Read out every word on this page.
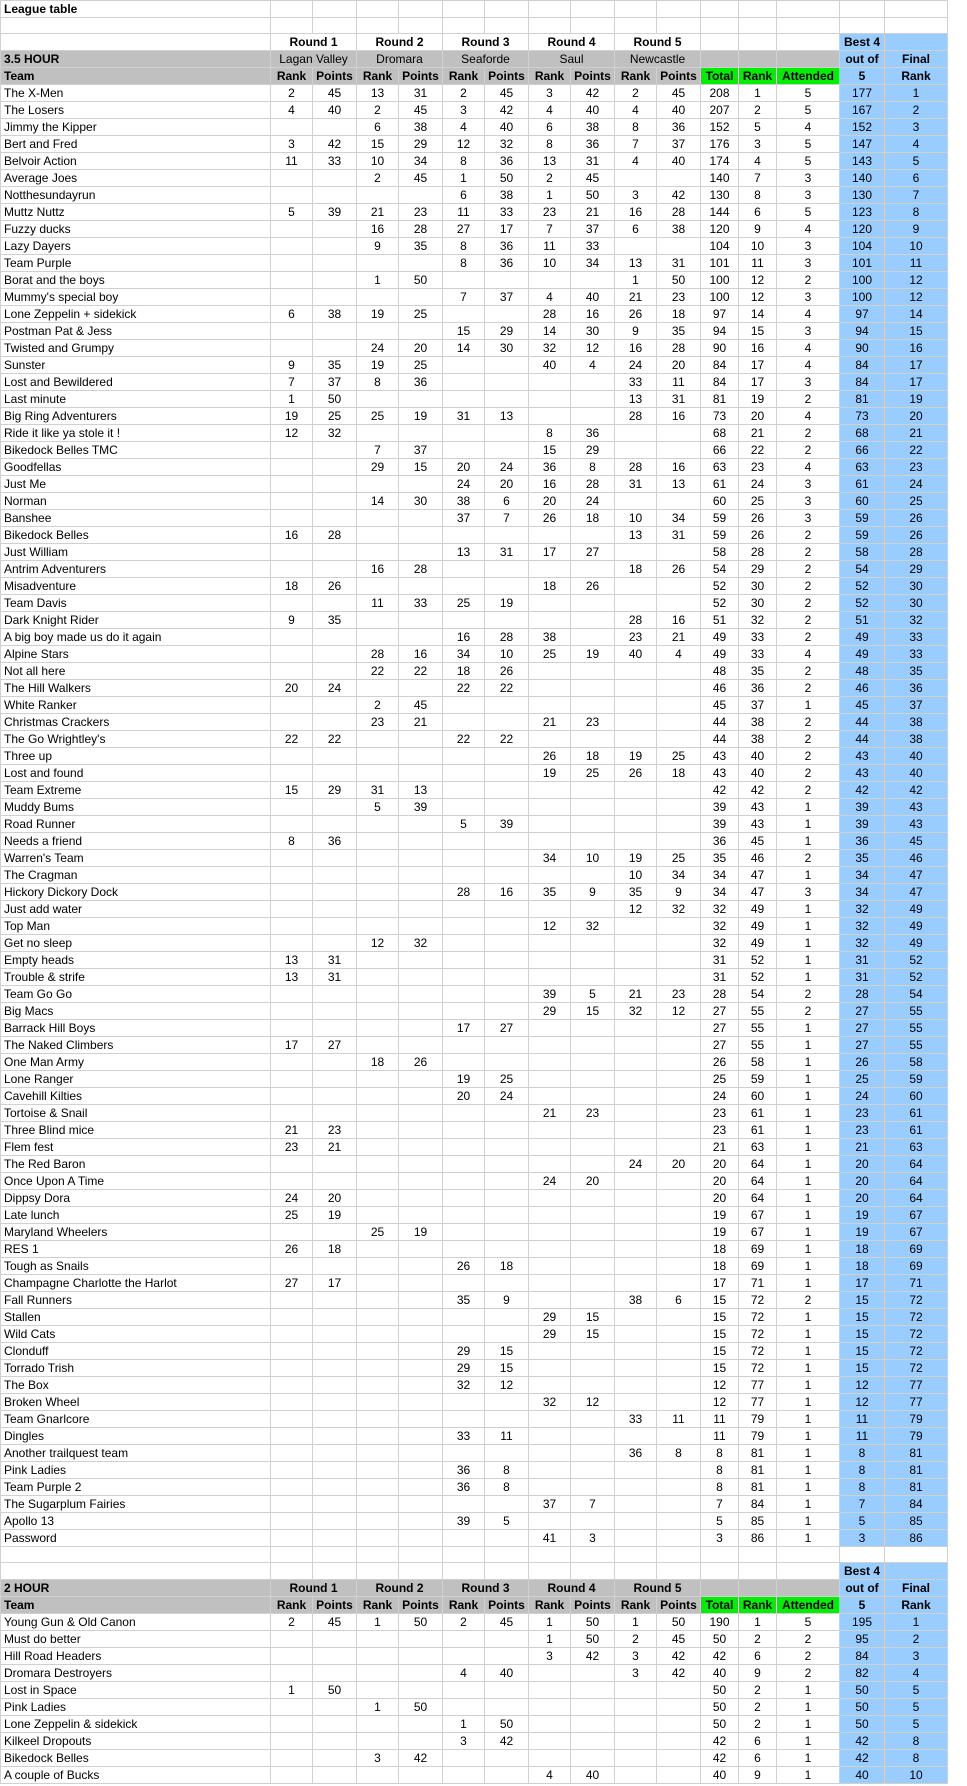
League table															

	Round 1		Round 2		Round 3		Round 4		Round 5					Best 4	
3.5 HOUR	Lagan Valley		Dromara		Seaforde		Saul		Newcastle					out of	Final
Team	Rank	Points	Rank	Points	Rank	Points	Rank	Points	Rank	Points	Total	Rank	Attended	5	Rank
The X-Men	2	45	13	31	2	45	3	42	2	45	208	1	5	177	1
The Losers	4	40	2	45	3	42	4	40	4	40	207	2	5	167	2
Jimmy the Kipper			6	38	4	40	6	38	8	36	152	5	4	152	3
Bert and Fred	3	42	15	29	12	32	8	36	7	37	176	3	5	147	4
Belvoir Action	11	33	10	34	8	36	13	31	4	40	174	4	5	143	5
Average Joes			2	45	1	50	2	45			140	7	3	140	6
Notthesundayrun					6	38	1	50	3	42	130	8	3	130	7
Muttz Nuttz	5	39	21	23	11	33	23	21	16	28	144	6	5	123	8
Fuzzy ducks			16	28	27	17	7	37	6	38	120	9	4	120	9
Lazy Dayers			9	35	8	36	11	33			104	10	3	104	10
Team Purple					8	36	10	34	13	31	101	11	3	101	11
Borat and the boys			1	50					1	50	100	12	2	100	12
Mummy's special boy					7	37	4	40	21	23	100	12	3	100	12
Lone Zeppelin + sidekick	6	38	19	25			28	16	26	18	97	14	4	97	14
Postman Pat & Jess					15	29	14	30	9	35	94	15	3	94	15
Twisted and Grumpy			24	20	14	30	32	12	16	28	90	16	4	90	16
Sunster	9	35	19	25			40	4	24	20	84	17	4	84	17
Lost and Bewildered	7	37	8	36					33	11	84	17	3	84	17
Last minute	1	50							13	31	81	19	2	81	19
Big Ring Adventurers	19	25	25	19	31	13			28	16	73	20	4	73	20
Ride it like ya stole it !	12	32					8	36			68	21	2	68	21
Bikedock Belles TMC			7	37			15	29			66	22	2	66	22
Goodfellas			29	15	20	24	36	8	28	16	63	23	4	63	23
Just Me					24	20	16	28	31	13	61	24	3	61	24
Norman			14	30	38	6	20	24			60	25	3	60	25
Banshee					37	7	26	18	10	34	59	26	3	59	26
Bikedock Belles	16	28							13	31	59	26	2	59	26
Just William					13	31	17	27			58	28	2	58	28
Antrim Adventurers			16	28					18	26	54	29	2	54	29
Misadventure	18	26					18	26			52	30	2	52	30
Team Davis			11	33	25	19					52	30	2	52	30
Dark Knight Rider	9	35							28	16	51	32	2	51	32
A big boy made us do it again					16	28	38		23	21	49	33	2	49	33
Alpine Stars			28	16	34	10	25	19	40	4	49	33	4	49	33
Not all here			22	22	18	26					48	35	2	48	35
The Hill Walkers	20	24			22	22					46	36	2	46	36
White Ranker			2	45							45	37	1	45	37
Christmas Crackers			23	21			21	23			44	38	2	44	38
The Go Wrightley's	22	22			22	22					44	38	2	44	38
Three up							26	18	19	25	43	40	2	43	40
Lost and found							19	25	26	18	43	40	2	43	40
Team Extreme	15	29	31	13							42	42	2	42	42
Muddy Bums			5	39							39	43	1	39	43
Road Runner					5	39					39	43	1	39	43
Needs a friend	8	36									36	45	1	36	45
Warren's Team							34	10	19	25	35	46	2	35	46
The Cragman									10	34	34	47	1	34	47
Hickory Dickory Dock					28	16	35	9	35	9	34	47	3	34	47
Just add water									12	32	32	49	1	32	49
Top Man							12	32			32	49	1	32	49
Get no sleep			12	32							32	49	1	32	49
Empty heads	13	31									31	52	1	31	52
Trouble & strife	13	31									31	52	1	31	52
Team Go Go							39	5	21	23	28	54	2	28	54
Big Macs							29	15	32	12	27	55	2	27	55
Barrack Hill Boys					17	27					27	55	1	27	55
The Naked Climbers	17	27									27	55	1	27	55
One Man Army			18	26							26	58	1	26	58
Lone Ranger					19	25					25	59	1	25	59
Cavehill Kilties					20	24					24	60	1	24	60
Tortoise & Snail							21	23			23	61	1	23	61
Three Blind mice	21	23									23	61	1	23	61
Flem fest	23	21									21	63	1	21	63
The Red Baron									24	20	20	64	1	20	64
Once Upon A Time							24	20			20	64	1	20	64
Dippsy Dora	24	20									20	64	1	20	64
Late lunch	25	19									19	67	1	19	67
Maryland Wheelers			25	19							19	67	1	19	67
RES 1	26	18									18	69	1	18	69
Tough as Snails					26	18					18	69	1	18	69
Champagne Charlotte the Harlot	27	17									17	71	1	17	71
Fall Runners					35	9			38	6	15	72	2	15	72
Stallen							29	15			15	72	1	15	72
Wild Cats							29	15			15	72	1	15	72
Clonduff					29	15					15	72	1	15	72
Torrado Trish					29	15					15	72	1	15	72
The Box					32	12					12	77	1	12	77
Broken Wheel							32	12			12	77	1	12	77
Team Gnarlcore									33	11	11	79	1	11	79
Dingles					33	11					11	79	1	11	79
Another trailquest team									36	8	8	81	1	8	81
Pink Ladies					36	8					8	81	1	8	81
Team Purple 2					36	8					8	81	1	8	81
The Sugarplum Fairies							37	7			7	84	1	7	84
Apollo 13					39	5					5	85	1	5	85
Password							41	3			3	86	1	3	86

														Best 4	
2 HOUR	Round 1		Round 2		Round 3		Round 4		Round 5					out of	Final
Team	Rank	Points	Rank	Points	Rank	Points	Rank	Points	Rank	Points	Total	Rank	Attended	5	Rank
Young Gun & Old Canon	2	45	1	50	2	45	1	50	1	50	190	1	5	195	1
Must do better							1	50	2	45	50	2	2	95	2
Hill Road Headers							3	42	3	42	42	6	2	84	3
Dromara Destroyers					4	40			3	42	40	9	2	82	4
Lost in Space	1	50									50	2	1	50	5
Pink Ladies			1	50							50	2	1	50	5
Lone Zeppelin & sidekick					1	50					50	2	1	50	5
Kilkeel Dropouts					3	42					42	6	1	42	8
Bikedock Belles			3	42							42	6	1	42	8
A couple of Bucks							4	40			40	9	1	40	10
